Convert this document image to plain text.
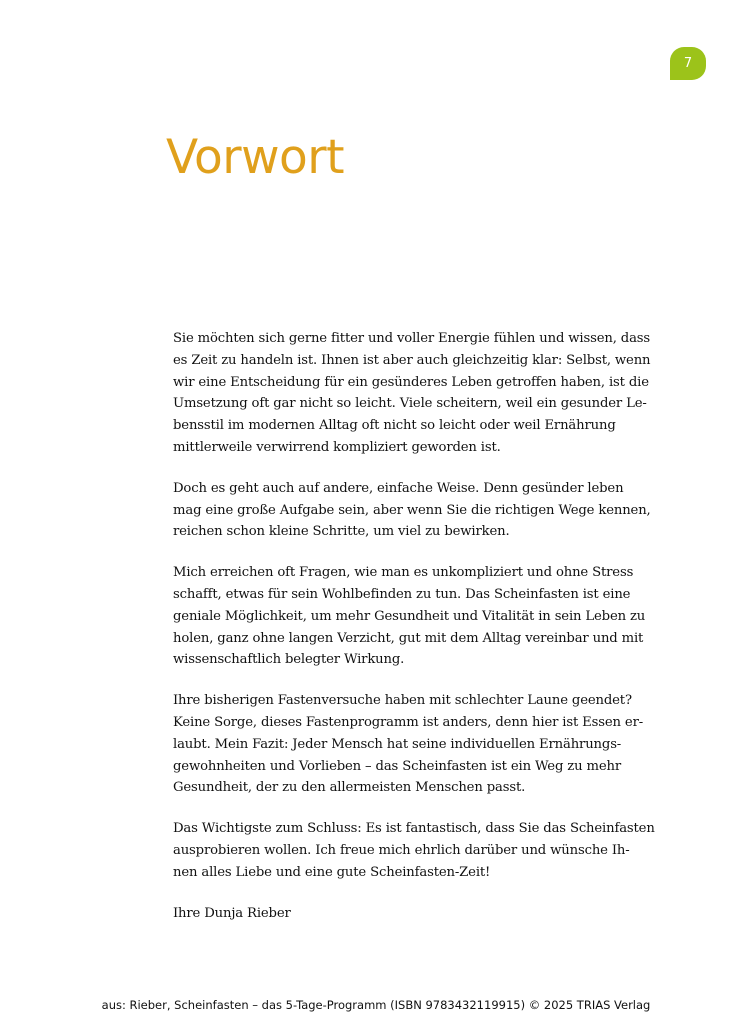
7
Vorwort

Sie möchten sich gerne fitter und voller Energie fühlen und wissen, dass
es Zeit zu handeln ist. Ihnen ist aber auch gleichzeitig klar: Selbst, wenn
wir eine Entscheidung für ein gesünderes Leben getroffen haben, ist die
Umsetzung oft gar nicht so leicht. Viele scheitern, weil ein gesunder Le-
bensstil im modernen Alltag oft nicht so leicht oder weil Ernährung
mittlerweile verwirrend kompliziert geworden ist.

Doch es geht auch auf andere, einfache Weise. Denn gesünder leben
mag eine große Aufgabe sein, aber wenn Sie die richtigen Wege kennen,
reichen schon kleine Schritte, um viel zu bewirken.

Mich erreichen oft Fragen, wie man es unkompliziert und ohne Stress
schafft, etwas für sein Wohlbefinden zu tun. Das Scheinfasten ist eine
geniale Möglichkeit, um mehr Gesundheit und Vitalität in sein Leben zu
holen, ganz ohne langen Verzicht, gut mit dem Alltag vereinbar und mit
wissenschaftlich belegter Wirkung.

Ihre bisherigen Fastenversuche haben mit schlechter Laune geendet?
Keine Sorge, dieses Fastenprogramm ist anders, denn hier ist Essen er-
laubt. Mein Fazit: Jeder Mensch hat seine individuellen Ernährungs-
gewohnheiten und Vorlieben – das Scheinfasten ist ein Weg zu mehr
Gesundheit, der zu den allermeisten Menschen passt.

Das Wichtigste zum Schluss: Es ist fantastisch, dass Sie das Scheinfasten
ausprobieren wollen. Ich freue mich ehrlich darüber und wünsche Ih-
nen alles Liebe und eine gute Scheinfasten-Zeit!

Ihre Dunja Rieber

aus: Rieber, Scheinfasten – das 5-Tage-Programm (ISBN 9783432119915) © 2025 TRIAS Verlag
